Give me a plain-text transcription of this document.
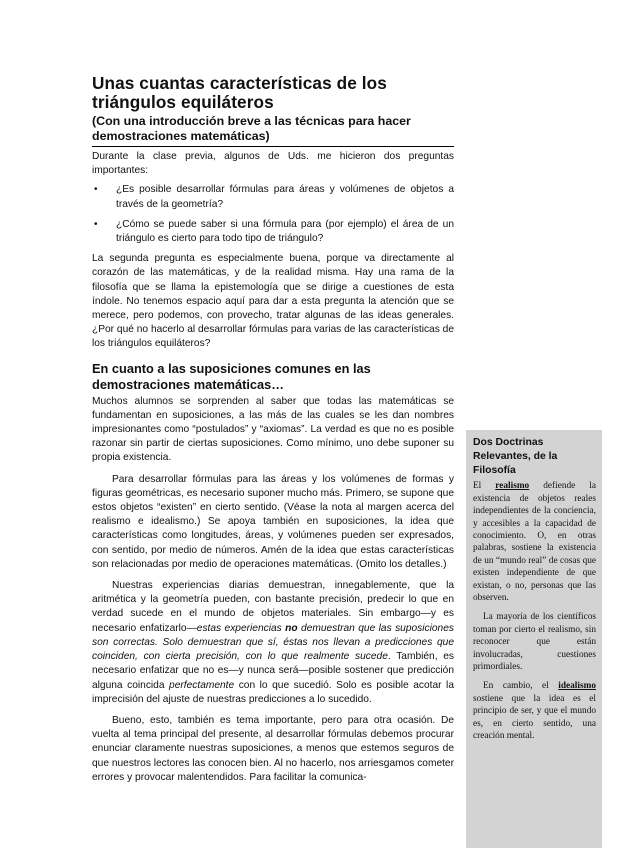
Unas cuantas características de los triángulos equiláteros
(Con una introducción breve a las técnicas para hacer demostraciones matemáticas)

Durante la clase previa, algunos de Uds. me hicieron dos preguntas importantes:

• ¿Es posible desarrollar fórmulas para áreas y volúmenes de objetos a través de la geometría?
• ¿Cómo se puede saber si una fórmula para (por ejemplo) el área de un triángulo es cierto para todo tipo de triángulo?

La segunda pregunta es especialmente buena, porque va directamente al corazón de las matemáticas, y de la realidad misma. Hay una rama de la filosofía que se llama la epistemología que se dirige a cuestiones de esta índole. No tenemos espacio aquí para dar a esta pregunta la atención que se merece, pero podemos, con provecho, tratar algunas de las ideas generales. ¿Por qué no hacerlo al desarrollar fórmulas para varias de las características de los triángulos equiláteros?

En cuanto a las suposiciones comunes en las demostraciones matemáticas…

Muchos alumnos se sorprenden al saber que todas las matemáticas se fundamentan en suposiciones, a las más de las cuales se les dan nombres impresionantes como “postulados” y “axiomas”. La verdad es que no es posible razonar sin partir de ciertas suposiciones. Como mínimo, uno debe suponer su propia existencia.

Para desarrollar fórmulas para las áreas y los volúmenes de formas y figuras geométricas, es necesario suponer mucho más. Primero, se supone que estos objetos “existen” en cierto sentido. (Véase la nota al margen acerca del realismo e idealismo.) Se apoya también en suposiciones, la idea que características como longitudes, áreas, y volúmenes pueden ser expresados, con sentido, por medio de números. Amén de la idea que estas características son relacionadas por medio de operaciones matemáticas. (Omito los detalles.)

Nuestras experiencias diarias demuestran, innegablemente, que la aritmética y la geometría pueden, con bastante precisión, predecir lo que en verdad sucede en el mundo de objetos materiales. Sin embargo—y es necesario enfatizarlo—estas experiencias no demuestran que las suposiciones son correctas. Solo demuestran que sí, éstas nos llevan a predicciones que coinciden, con cierta precisión, con lo que realmente sucede. También, es necesario enfatizar que no es—y nunca será—posible sostener que predicción alguna coincida perfectamente con lo que sucedió. Solo es posible acotar la imprecisión del ajuste de nuestras predicciones a lo sucedido.

Bueno, esto, también es tema importante, pero para otra ocasión. De vuelta al tema principal del presente, al desarrollar fórmulas debemos procurar enunciar claramente nuestras suposiciones, a menos que estemos seguros de que nuestros lectores las conocen bien. Al no hacerlo, nos arriesgamos cometer errores y provocar malentendidos. Para facilitar la comunica-

Dos Doctrinas Relevantes, de la Filosofía

El realismo defiende la existencia de objetos reales independientes de la conciencia, y accesibles a la capacidad de conocimiento. O, en otras palabras, sostiene la existencia de un “mundo real” de cosas que existen independiente de que existan, o no, personas que las observen.

La mayoría de los científicos toman por cierto el realismo, sin reconocer que están involucradas, cuestiones primordiales.

En cambio, el idealismo sostiene que la idea es el principio de ser, y que el mundo es, en cierto sentido, una creación mental.
